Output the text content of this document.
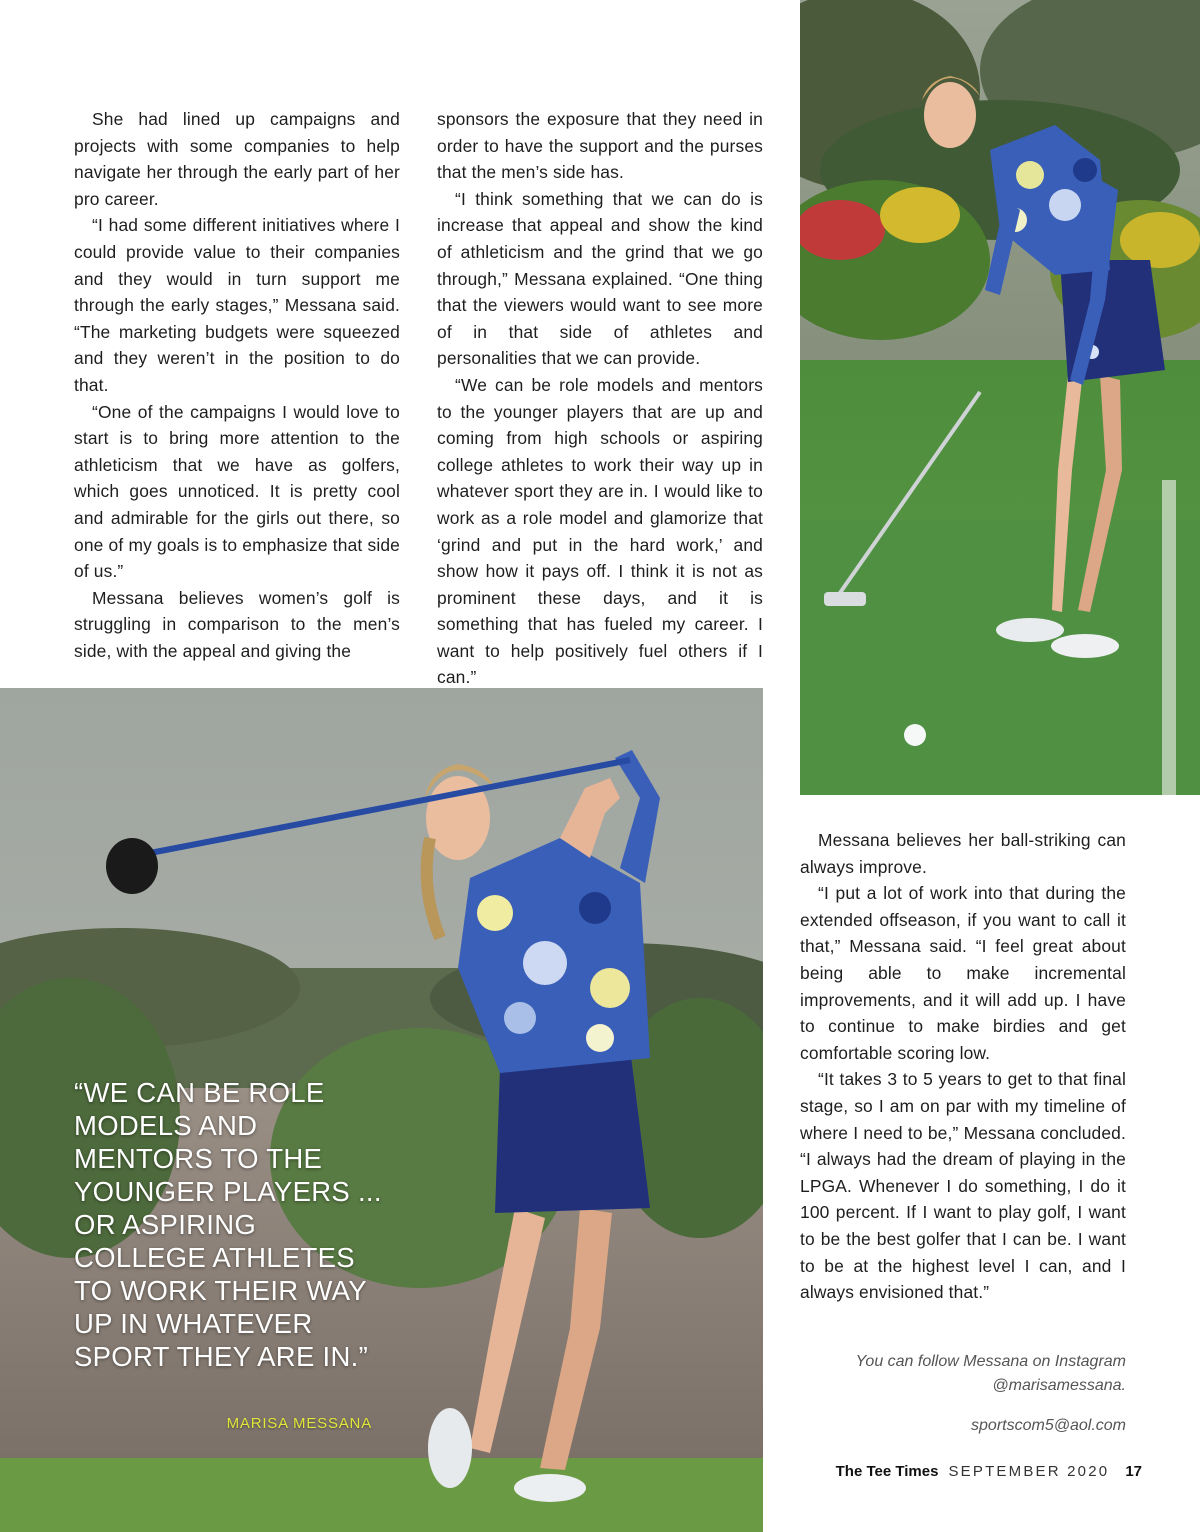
She had lined up campaigns and projects with some companies to help navigate her through the early part of her pro career.

“I had some different initiatives where I could provide value to their companies and they would in turn support me through the early stages,” Messana said. “The marketing budgets were squeezed and they weren’t in the position to do that.

“One of the campaigns I would love to start is to bring more attention to the athleticism that we have as golfers, which goes unnoticed. It is pretty cool and admirable for the girls out there, so one of my goals is to emphasize that side of us.”

Messana believes women’s golf is struggling in comparison to the men’s side, with the appeal and giving the

sponsors the exposure that they need in order to have the support and the purses that the men’s side has.

“I think something that we can do is increase that appeal and show the kind of athleticism and the grind that we go through,” Messana explained. “One thing that the viewers would want to see more of in that side of athletes and personalities that we can provide.

“We can be role models and mentors to the younger players that are up and coming from high schools or aspiring college athletes to work their way up in whatever sport they are in. I would like to work as a role model and glamorize that ‘grind and put in the hard work,’ and show how it pays off. I think it is not as prominent these days, and it is something that has fueled my career. I want to help positively fuel others if I can.”

“WE CAN BE ROLE MODELS AND MENTORS TO THE YOUNGER PLAYERS ... OR ASPIRING COLLEGE ATHLETES TO WORK THEIR WAY UP IN WHATEVER SPORT THEY ARE IN.”
MARISA MESSANA

Messana believes her ball-striking can always improve.

“I put a lot of work into that during the extended offseason, if you want to call it that,” Messana said. “I feel great about being able to make incremental improvements, and it will add up. I have to continue to make birdies and get comfortable scoring low.

“It takes 3 to 5 years to get to that final stage, so I am on par with my timeline of where I need to be,” Messana concluded. “I always had the dream of playing in the LPGA. Whenever I do something, I do it 100 percent. If I want to play golf, I want to be the best golfer that I can be. I want to be at the highest level I can, and I always envisioned that.”

You can follow Messana on Instagram @marisamessana.
sportscom5@aol.com
The Tee Times SEPTEMBER 2020 17
